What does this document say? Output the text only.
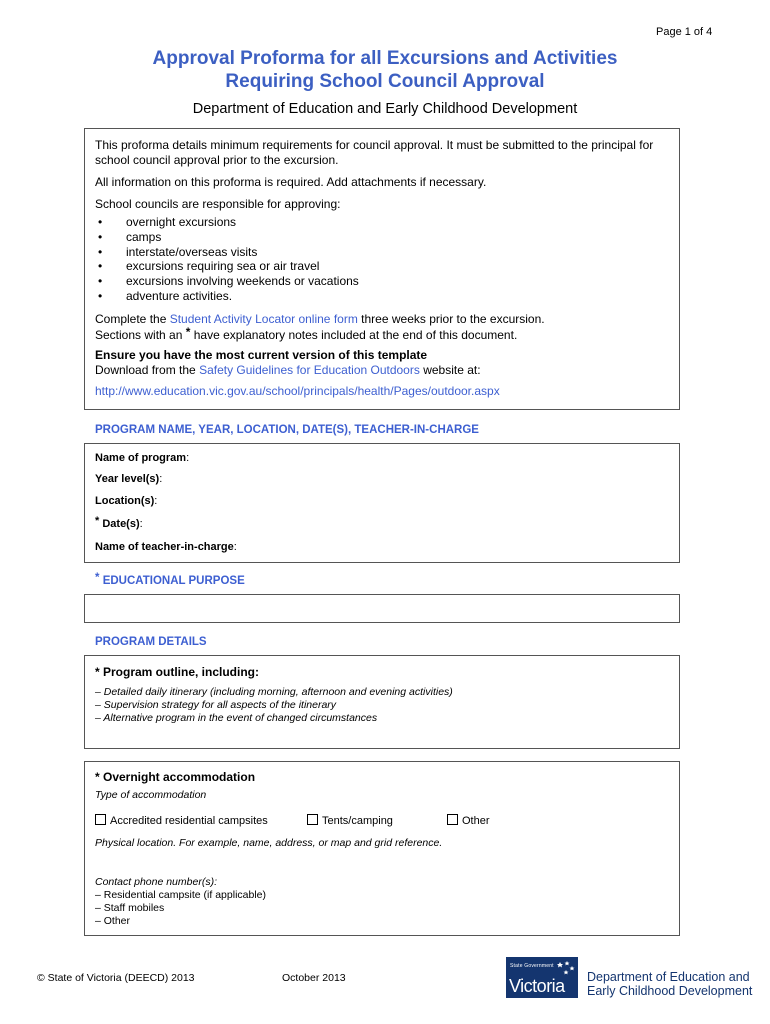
Page 1 of 4
Approval Proforma for all Excursions and Activities
Requiring School Council Approval
Department of Education and Early Childhood Development

This proforma details minimum requirements for council approval. It must be submitted to the principal for school council approval prior to the excursion.

All information on this proforma is required. Add attachments if necessary.

School councils are responsible for approving:

• overnight excursions
• camps
• interstate/overseas visits
• excursions requiring sea or air travel
• excursions involving weekends or vacations
• adventure activities.
Complete the Student Activity Locator online form three weeks prior to the excursion.
Sections with an * have explanatory notes included at the end of this document.
Ensure you have the most current version of this template
Download from the Safety Guidelines for Education Outdoors website at:
http://www.education.vic.gov.au/school/principals/health/Pages/outdoor.aspx
PROGRAM NAME, YEAR, LOCATION, DATE(S), TEACHER-IN-CHARGE
Name of program:
Year level(s):
Location(s):
* Date(s):
Name of teacher-in-charge:
* EDUCATIONAL PURPOSE
PROGRAM DETAILS
* Program outline, including:
– Detailed daily itinerary (including morning, afternoon and evening activities)
– Supervision strategy for all aspects of the itinerary
– Alternative program in the event of changed circumstances
* Overnight accommodation
Type of accommodation
Accredited residential campsites	Tents/camping	Other
Physical location. For example, name, address, or map and grid reference.
Contact phone number(s):
– Residential campsite (if applicable)
– Staff mobiles
– Other
© State of Victoria (DEECD) 2013	October 2013
State Government
Victoria Department of Education and
Early Childhood Development
